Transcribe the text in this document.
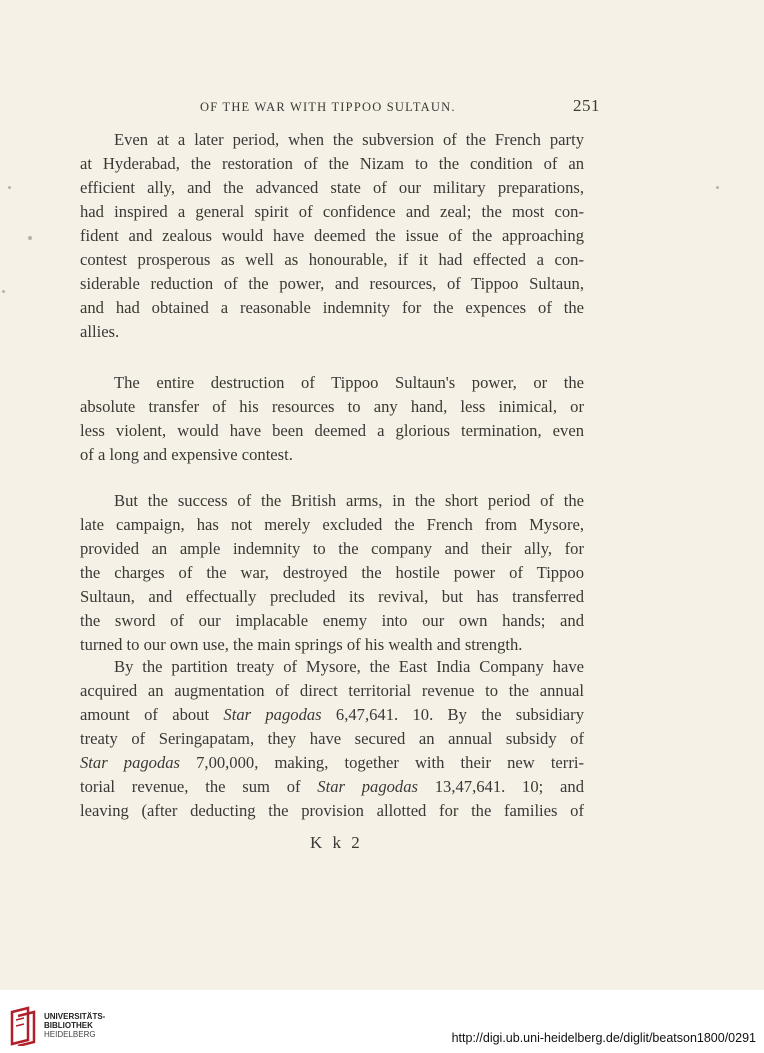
OF THE WAR WITH TIPPOO SULTAUN.	251
Even at a later period, when the subversion of the French party
at Hyderabad, the restoration of the Nizam to the condition of an
efficient ally, and the advanced state of our military preparations,
had inspired a general spirit of confidence and zeal; the most con-
fident and zealous would have deemed the issue of the approaching
contest prosperous as well as honourable, if it had effected a con-
siderable reduction of the power, and resources, of Tippoo Sultaun,
and had obtained a reasonable indemnity for the expences of the
allies.
The entire destruction of Tippoo Sultaun's power, or the
absolute transfer of his resources to any hand, less inimical, or
less violent, would have been deemed a glorious termination, even
of a long and expensive contest.
But the success of the British arms, in the short period of the
late campaign, has not merely excluded the French from Mysore,
provided an ample indemnity to the company and their ally, for
the charges of the war, destroyed the hostile power of Tippoo
Sultaun, and effectually precluded its revival, but has transferred
the sword of our implacable enemy into our own hands; and
turned to our own use, the main springs of his wealth and strength.
By the partition treaty of Mysore, the East India Company have
acquired an augmentation of direct territorial revenue to the annual
amount of about Star pagodas 6,47,641. 10. By the subsidiary
treaty of Seringapatam, they have secured an annual subsidy of
Star pagodas 7,00,000, making, together with their new terri-
torial revenue, the sum of Star pagodas 13,47,641. 10; and
leaving (after deducting the provision allotted for the families of
K k 2
UNIVERSITÄTS-
BIBLIOTHEK
HEIDELBERG	http://digi.ub.uni-heidelberg.de/diglit/beatson1800/0291
